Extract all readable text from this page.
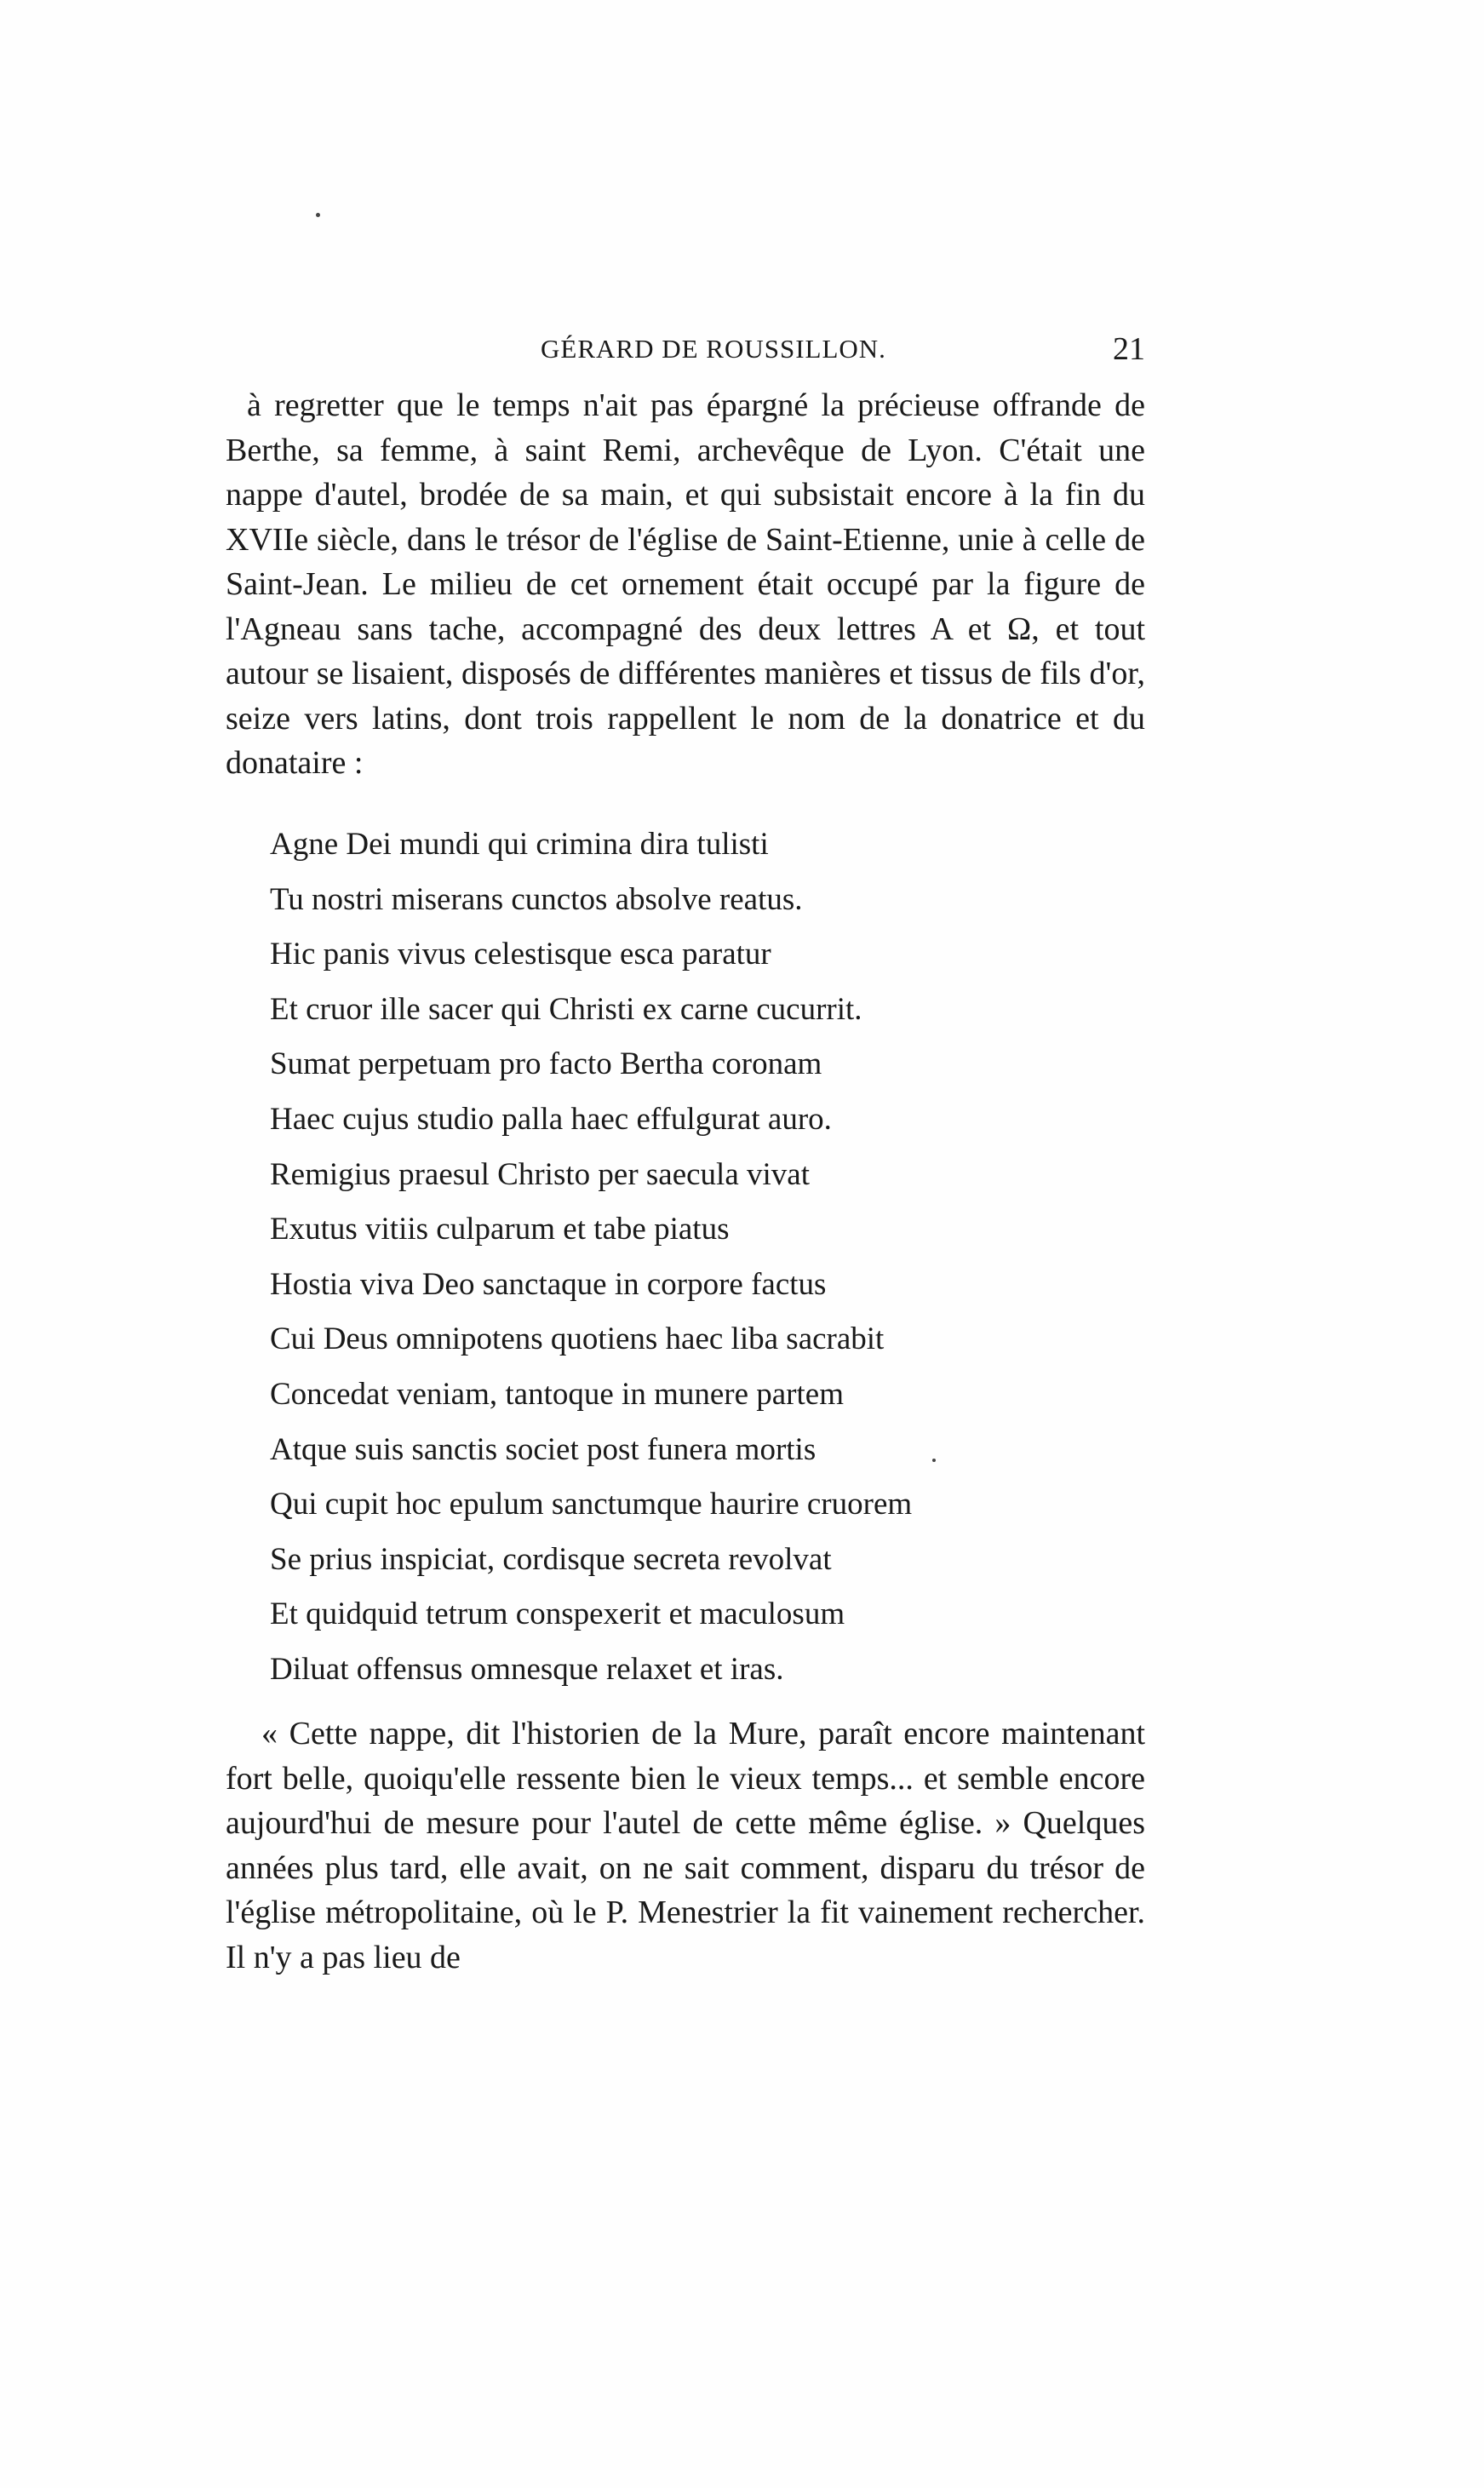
GÉRARD DE ROUSSILLON.	21

à regretter que le temps n'ait pas épargné la précieuse offrande de Berthe, sa femme, à saint Remi, archevêque de Lyon. C'était une nappe d'autel, brodée de sa main, et qui subsistait encore à la fin du XVIIe siècle, dans le trésor de l'église de Saint-Etienne, unie à celle de Saint-Jean. Le milieu de cet ornement était occupé par la figure de l'Agneau sans tache, accompagné des deux lettres A et Ω, et tout autour se lisaient, disposés de différentes manières et tissus de fils d'or, seize vers latins, dont trois rappellent le nom de la donatrice et du donataire :

Agne Dei mundi qui crimina dira tulisti
Tu nostri miserans cunctos absolve reatus.
Hic panis vivus celestisque esca paratur
Et cruor ille sacer qui Christi ex carne cucurrit.
Sumat perpetuam pro facto Bertha coronam
Haec cujus studio palla haec effulgurat auro.
Remigius praesul Christo per saecula vivat
Exutus vitiis culparum et tabe piatus
Hostia viva Deo sanctaque in corpore factus
Cui Deus omnipotens quotiens haec liba sacrabit
Concedat veniam, tantoque in munere partem
Atque suis sanctis societ post funera mortis
Qui cupit hoc epulum sanctumque haurire cruorem
Se prius inspiciat, cordisque secreta revolvat
Et quidquid tetrum conspexerit et maculosum
Diluat offensus omnesque relaxet et iras.

« Cette nappe, dit l'historien de la Mure, paraît encore maintenant fort belle, quoiqu'elle ressente bien le vieux temps... et semble encore aujourd'hui de mesure pour l'autel de cette même église. » Quelques années plus tard, elle avait, on ne sait comment, disparu du trésor de l'église métropolitaine, où le P. Menestrier la fit vainement rechercher. Il n'y a pas lieu de
